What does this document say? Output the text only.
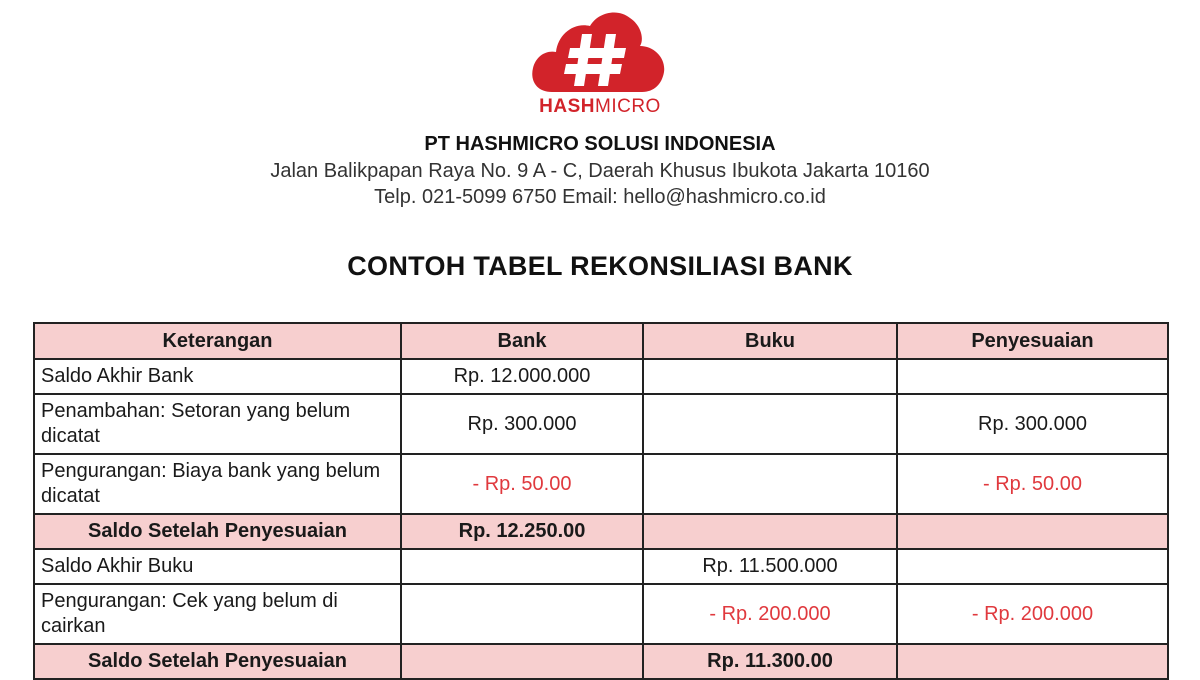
HASHMICRO
PT HASHMICRO SOLUSI INDONESIA
Jalan Balikpapan Raya No. 9 A - C, Daerah Khusus Ibukota Jakarta 10160
Telp. 021-5099 6750 Email: hello@hashmicro.co.id
CONTOH TABEL REKONSILIASI BANK
Keterangan	Bank	Buku	Penyesuaian
Saldo Akhir Bank	Rp. 12.000.000		
Penambahan: Setoran yang belum dicatat	Rp. 300.000		Rp. 300.000
Pengurangan: Biaya bank yang belum dicatat	- Rp. 50.00		- Rp. 50.00
Saldo Setelah Penyesuaian	Rp. 12.250.00		
Saldo Akhir Buku		Rp. 11.500.000	
Pengurangan: Cek yang belum di cairkan		- Rp. 200.000	- Rp. 200.000
Saldo Setelah Penyesuaian		Rp. 11.300.00	
